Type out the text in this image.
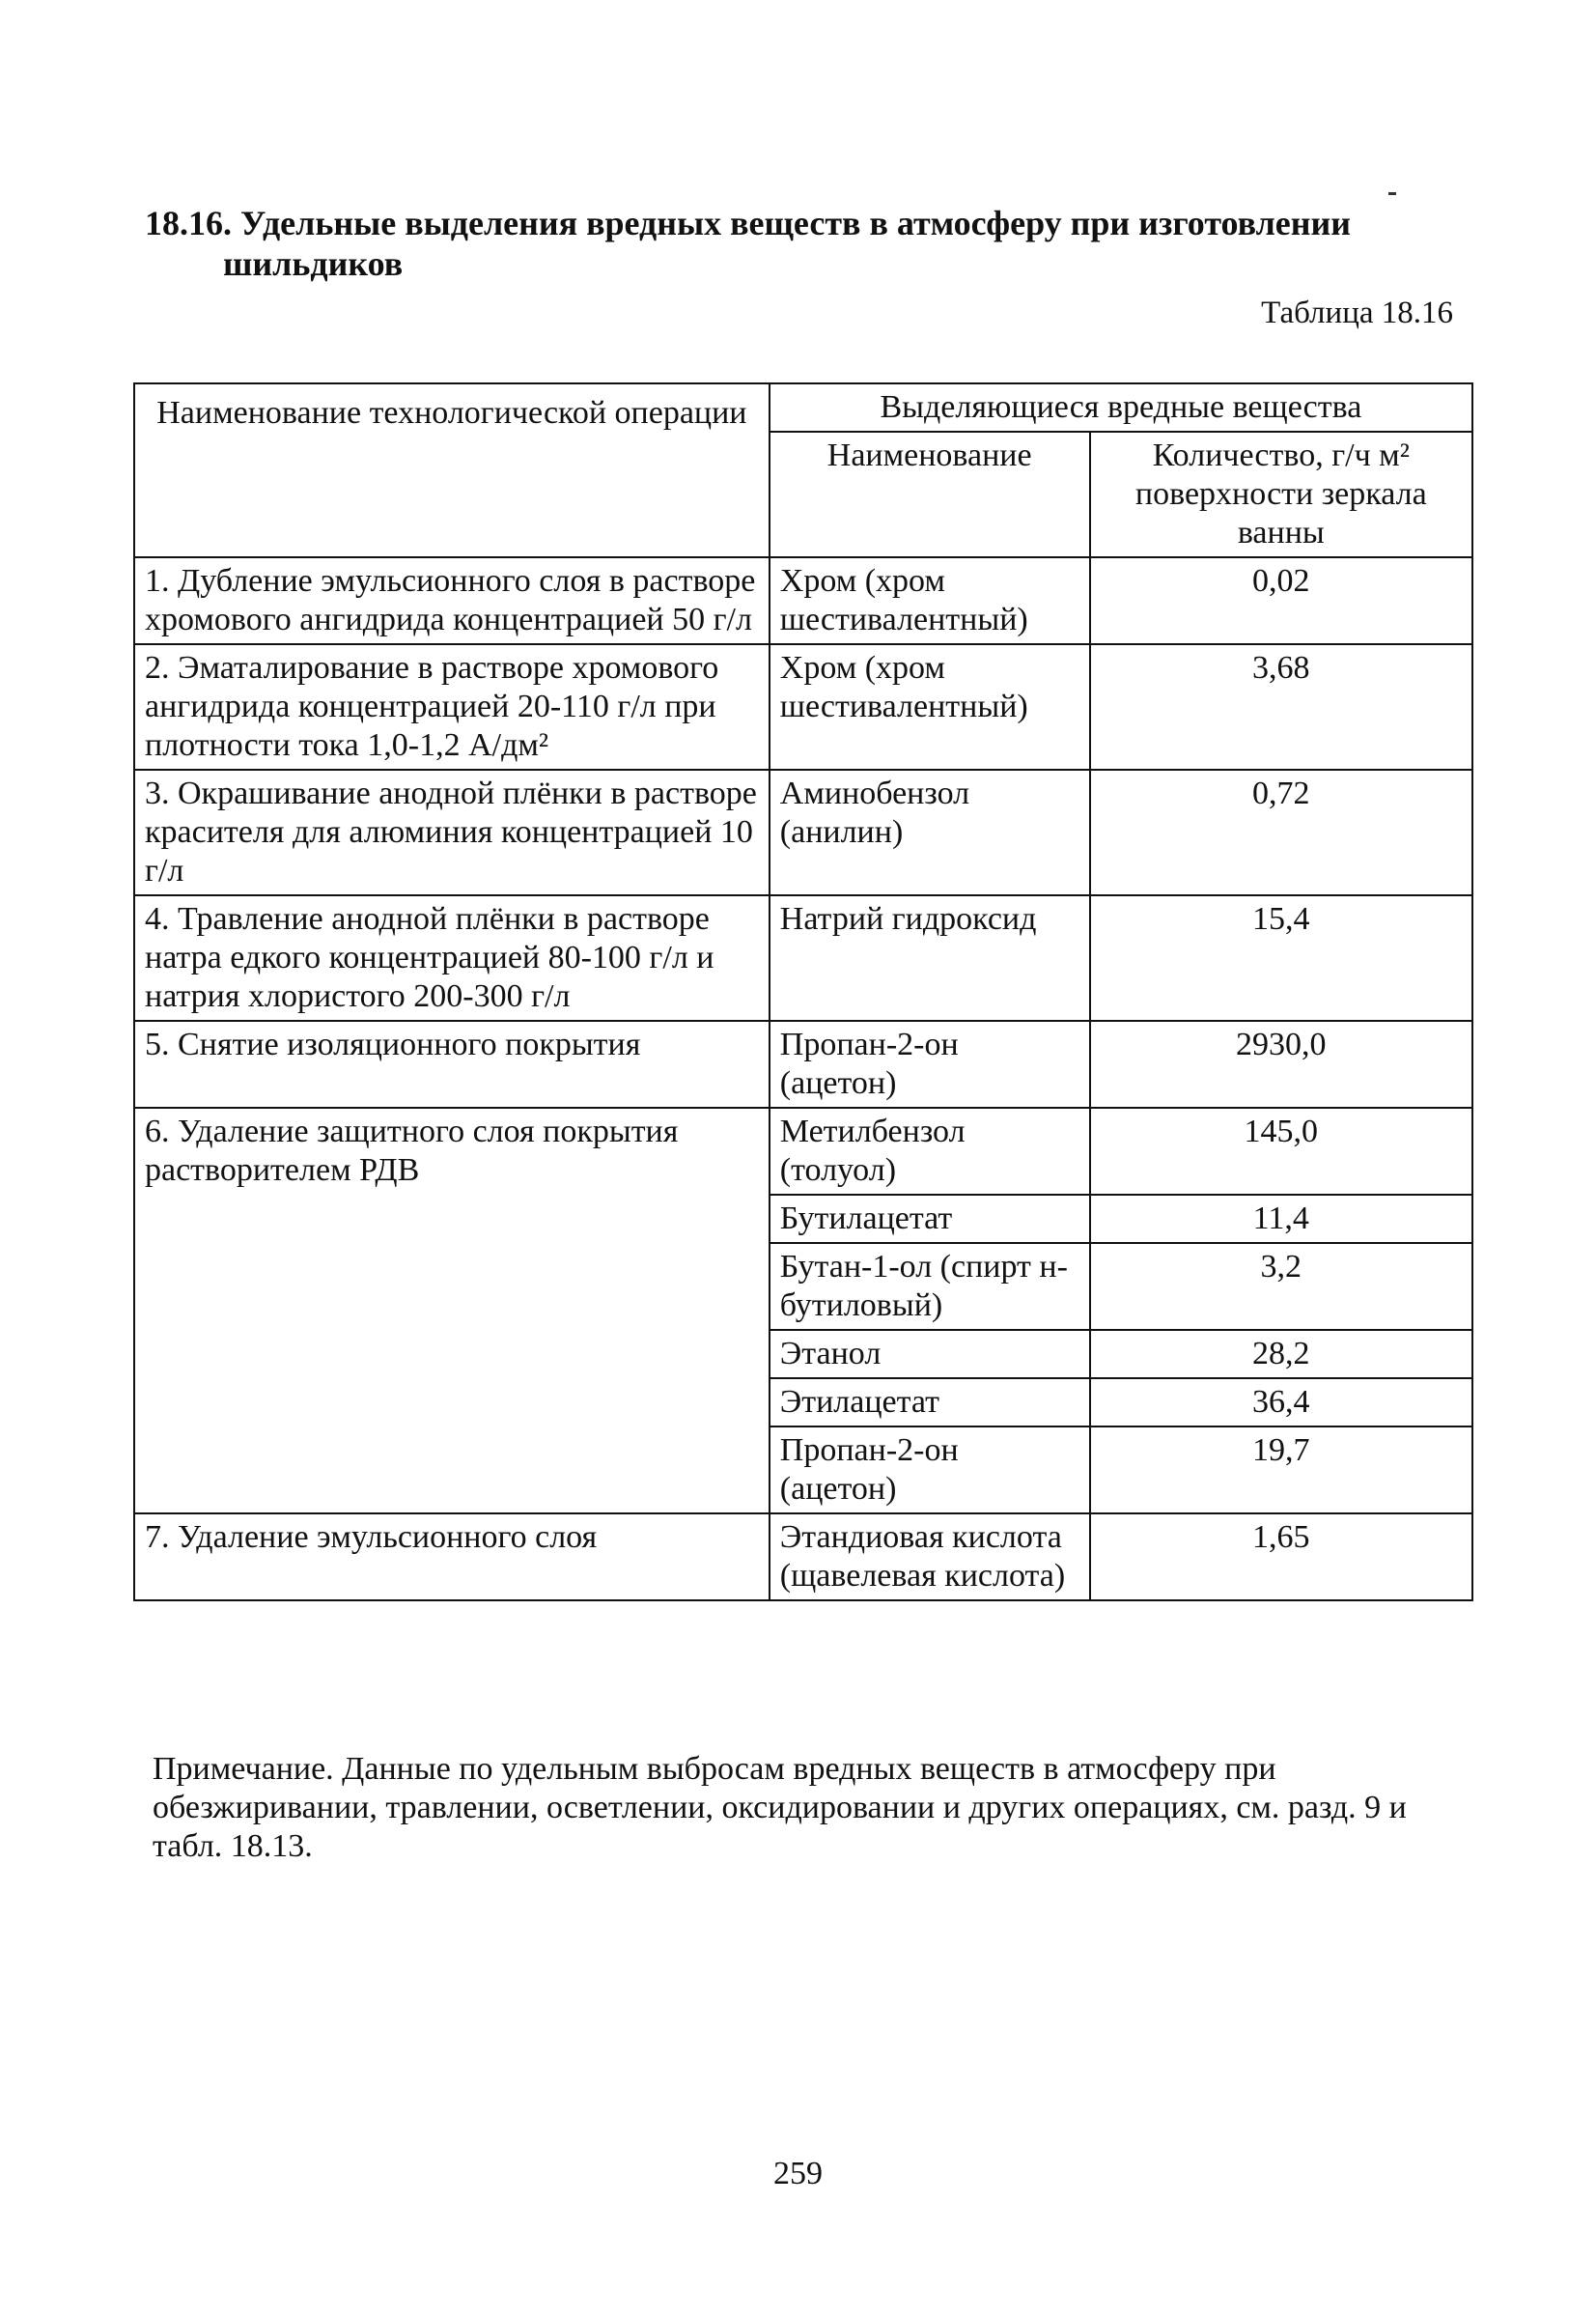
18.16. Удельные выделения вредных веществ в атмосферу при изготовлении
шильдиков
Таблица 18.16
Наименование технологической операции	Выделяющиеся вредные вещества	
	Наименование	Количество, г/ч м² поверхности зеркала ванны
1. Дубление эмульсионного слоя в растворе хромового ангидрида концентрацией 50 г/л	Хром (хром шестивалентный)	0,02
2. Эматалирование в растворе хромового ангидрида концентрацией 20-110 г/л при плотности тока 1,0-1,2 А/дм²	Хром (хром шестивалентный)	3,68
3. Окрашивание анодной плёнки в растворе красителя для алюминия концентрацией 10 г/л	Аминобензол (анилин)	0,72
4. Травление анодной плёнки в растворе натра едкого концентрацией 80-100 г/л и натрия хлористого 200-300 г/л	Натрий гидроксид	15,4
5. Снятие изоляционного покрытия	Пропан-2-он (ацетон)	2930,0
6. Удаление защитного слоя покрытия растворителем РДВ	Метилбензол (толуол)	145,0
	Бутилацетат	11,4
	Бутан-1-ол (спирт н-бутиловый)	3,2
	Этанол	28,2
	Этилацетат	36,4
	Пропан-2-он (ацетон)	19,7
7. Удаление эмульсионного слоя	Этандиовая кислота (щавелевая кислота)	1,65
Примечание. Данные по удельным выбросам вредных веществ в атмосферу при обезжиривании, травлении, осветлении, оксидировании и других операциях, см. разд. 9 и табл. 18.13.
259
